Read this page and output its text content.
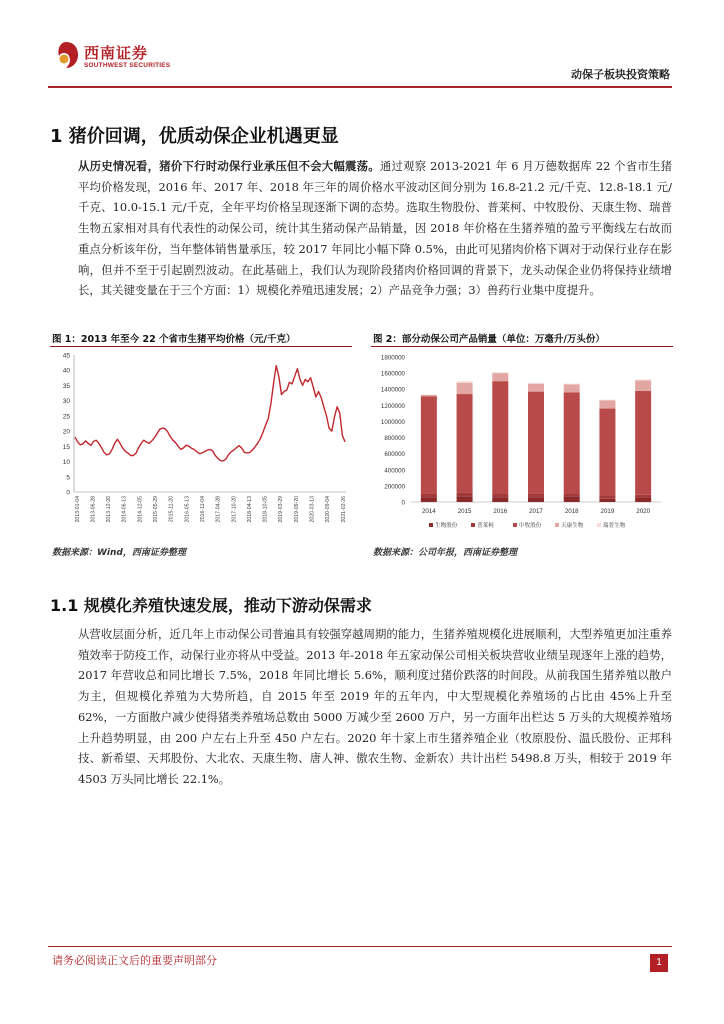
西南证券
SOUTHWEST SECURITIES
动保子板块投资策略
1 猪价回调，优质动保企业机遇更显
从历史情况看，猪价下行时动保行业承压但不会大幅震荡。通过观察 2013-2021 年 6 月万德数据库 22 个省市生猪平均价格发现，2016 年、2017 年、2018 年三年的周价格水平波动区间分别为 16.8-21.2 元/千克、12.8-18.1 元/千克、10.0-15.1 元/千克，全年平均价格呈现逐渐下调的态势。选取生物股份、普莱柯、中牧股份、天康生物、瑞普生物五家相对具有代表性的动保公司，统计其生猪动保产品销量，因 2018 年价格在生猪养殖的盈亏平衡线左右故而重点分析该年份，当年整体销售量承压，较 2017 年同比小幅下降 0.5%，由此可见猪肉价格下调对于动保行业存在影响，但并不至于引起剧烈波动。在此基础上，我们认为现阶段猪肉价格回调的背景下，龙头动保企业仍将保持业绩增长，其关键变量在于三个方面：1）规模化养殖迅速发展；2）产品竞争力强；3）兽药行业集中度提升。
图 1：2013 年至今 22 个省市生猪平均价格（元/千克）	图 2：部分动保公司产品销量（单位：万毫升/万头份）
0
5
10
15
20
25
30
35
40
45
2013-01-04 2013-06-28 2013-12-20 2014-06-13 2014-12-05 2015-05-29 2015-11-20 2016-05-13 2016-11-04 2017-04-28 2017-10-20 2018-04-13 2018-10-05 2019-03-29 2019-09-20 2020-03-13 2020-09-04 2021-02-26	0
200000
400000
600000
800000
1000000
1200000
1400000
1600000
1800000
2014	2015	2016	2017	2018	2019	2020
生物股份	普莱柯	中牧股份	天康生物	瑞普生物
数据来源：Wind，西南证券整理	数据来源：公司年报，西南证券整理
1.1 规模化养殖快速发展，推动下游动保需求
从营收层面分析，近几年上市动保公司普遍具有较强穿越周期的能力，生猪养殖规模化进展顺利，大型养殖更加注重养殖效率于防疫工作，动保行业亦将从中受益。2013 年-2018 年五家动保公司相关板块营收业绩呈现逐年上涨的趋势，2017 年营收总和同比增长 7.5%，2018 年同比增长 5.6%，顺利度过猪价跌落的时间段。从前我国生猪养殖以散户为主，但规模化养殖为大势所趋，自 2015 年至 2019 年的五年内，中大型规模化养殖场的占比由 45%上升至 62%，一方面散户减少使得猪类养殖场总数由 5000 万减少至 2600 万户，另一方面年出栏达 5 万头的大规模养殖场上升趋势明显，由 200 户左右上升至 450 户左右。2020 年十家上市生猪养殖企业（牧原股份、温氏股份、正邦科技、新希望、天邦股份、大北农、天康生物、唐人神、傲农生物、金新农）共计出栏 5498.8 万头，相较于 2019 年 4503 万头同比增长 22.1%。
请务必阅读正文后的重要声明部分	1
